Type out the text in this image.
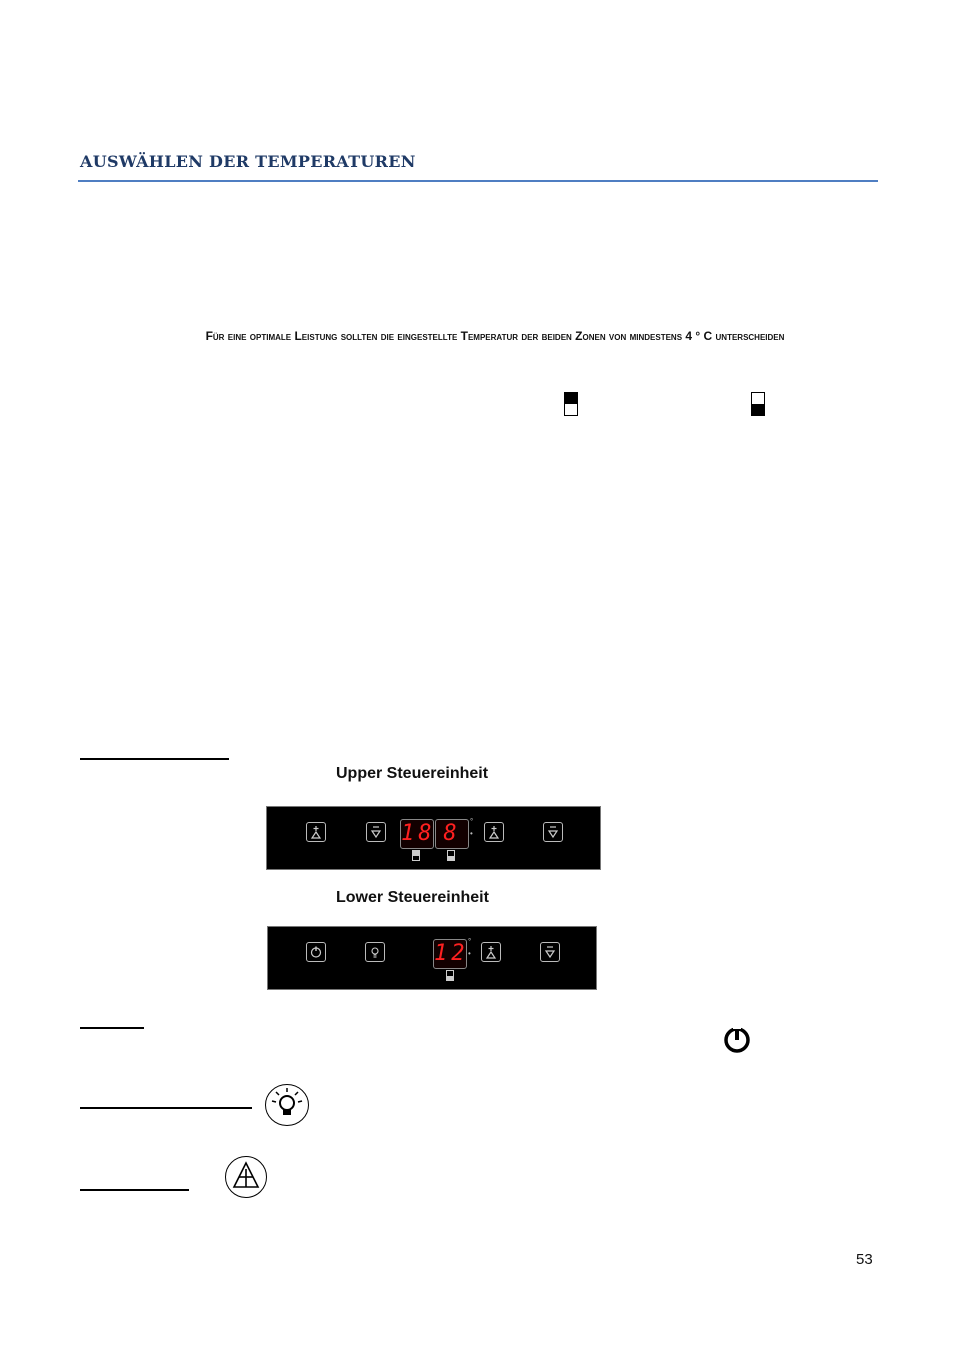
AUSWÄHLEN DER TEMPERATUREN
Für eine optimale Leistung sollten die eingestellte Temperatur der beiden Zonen von mindestens 4 ° C unterscheiden
Upper Steuereinheit
18 8	°
•
Lower Steuereinheit
12 °
•
53
